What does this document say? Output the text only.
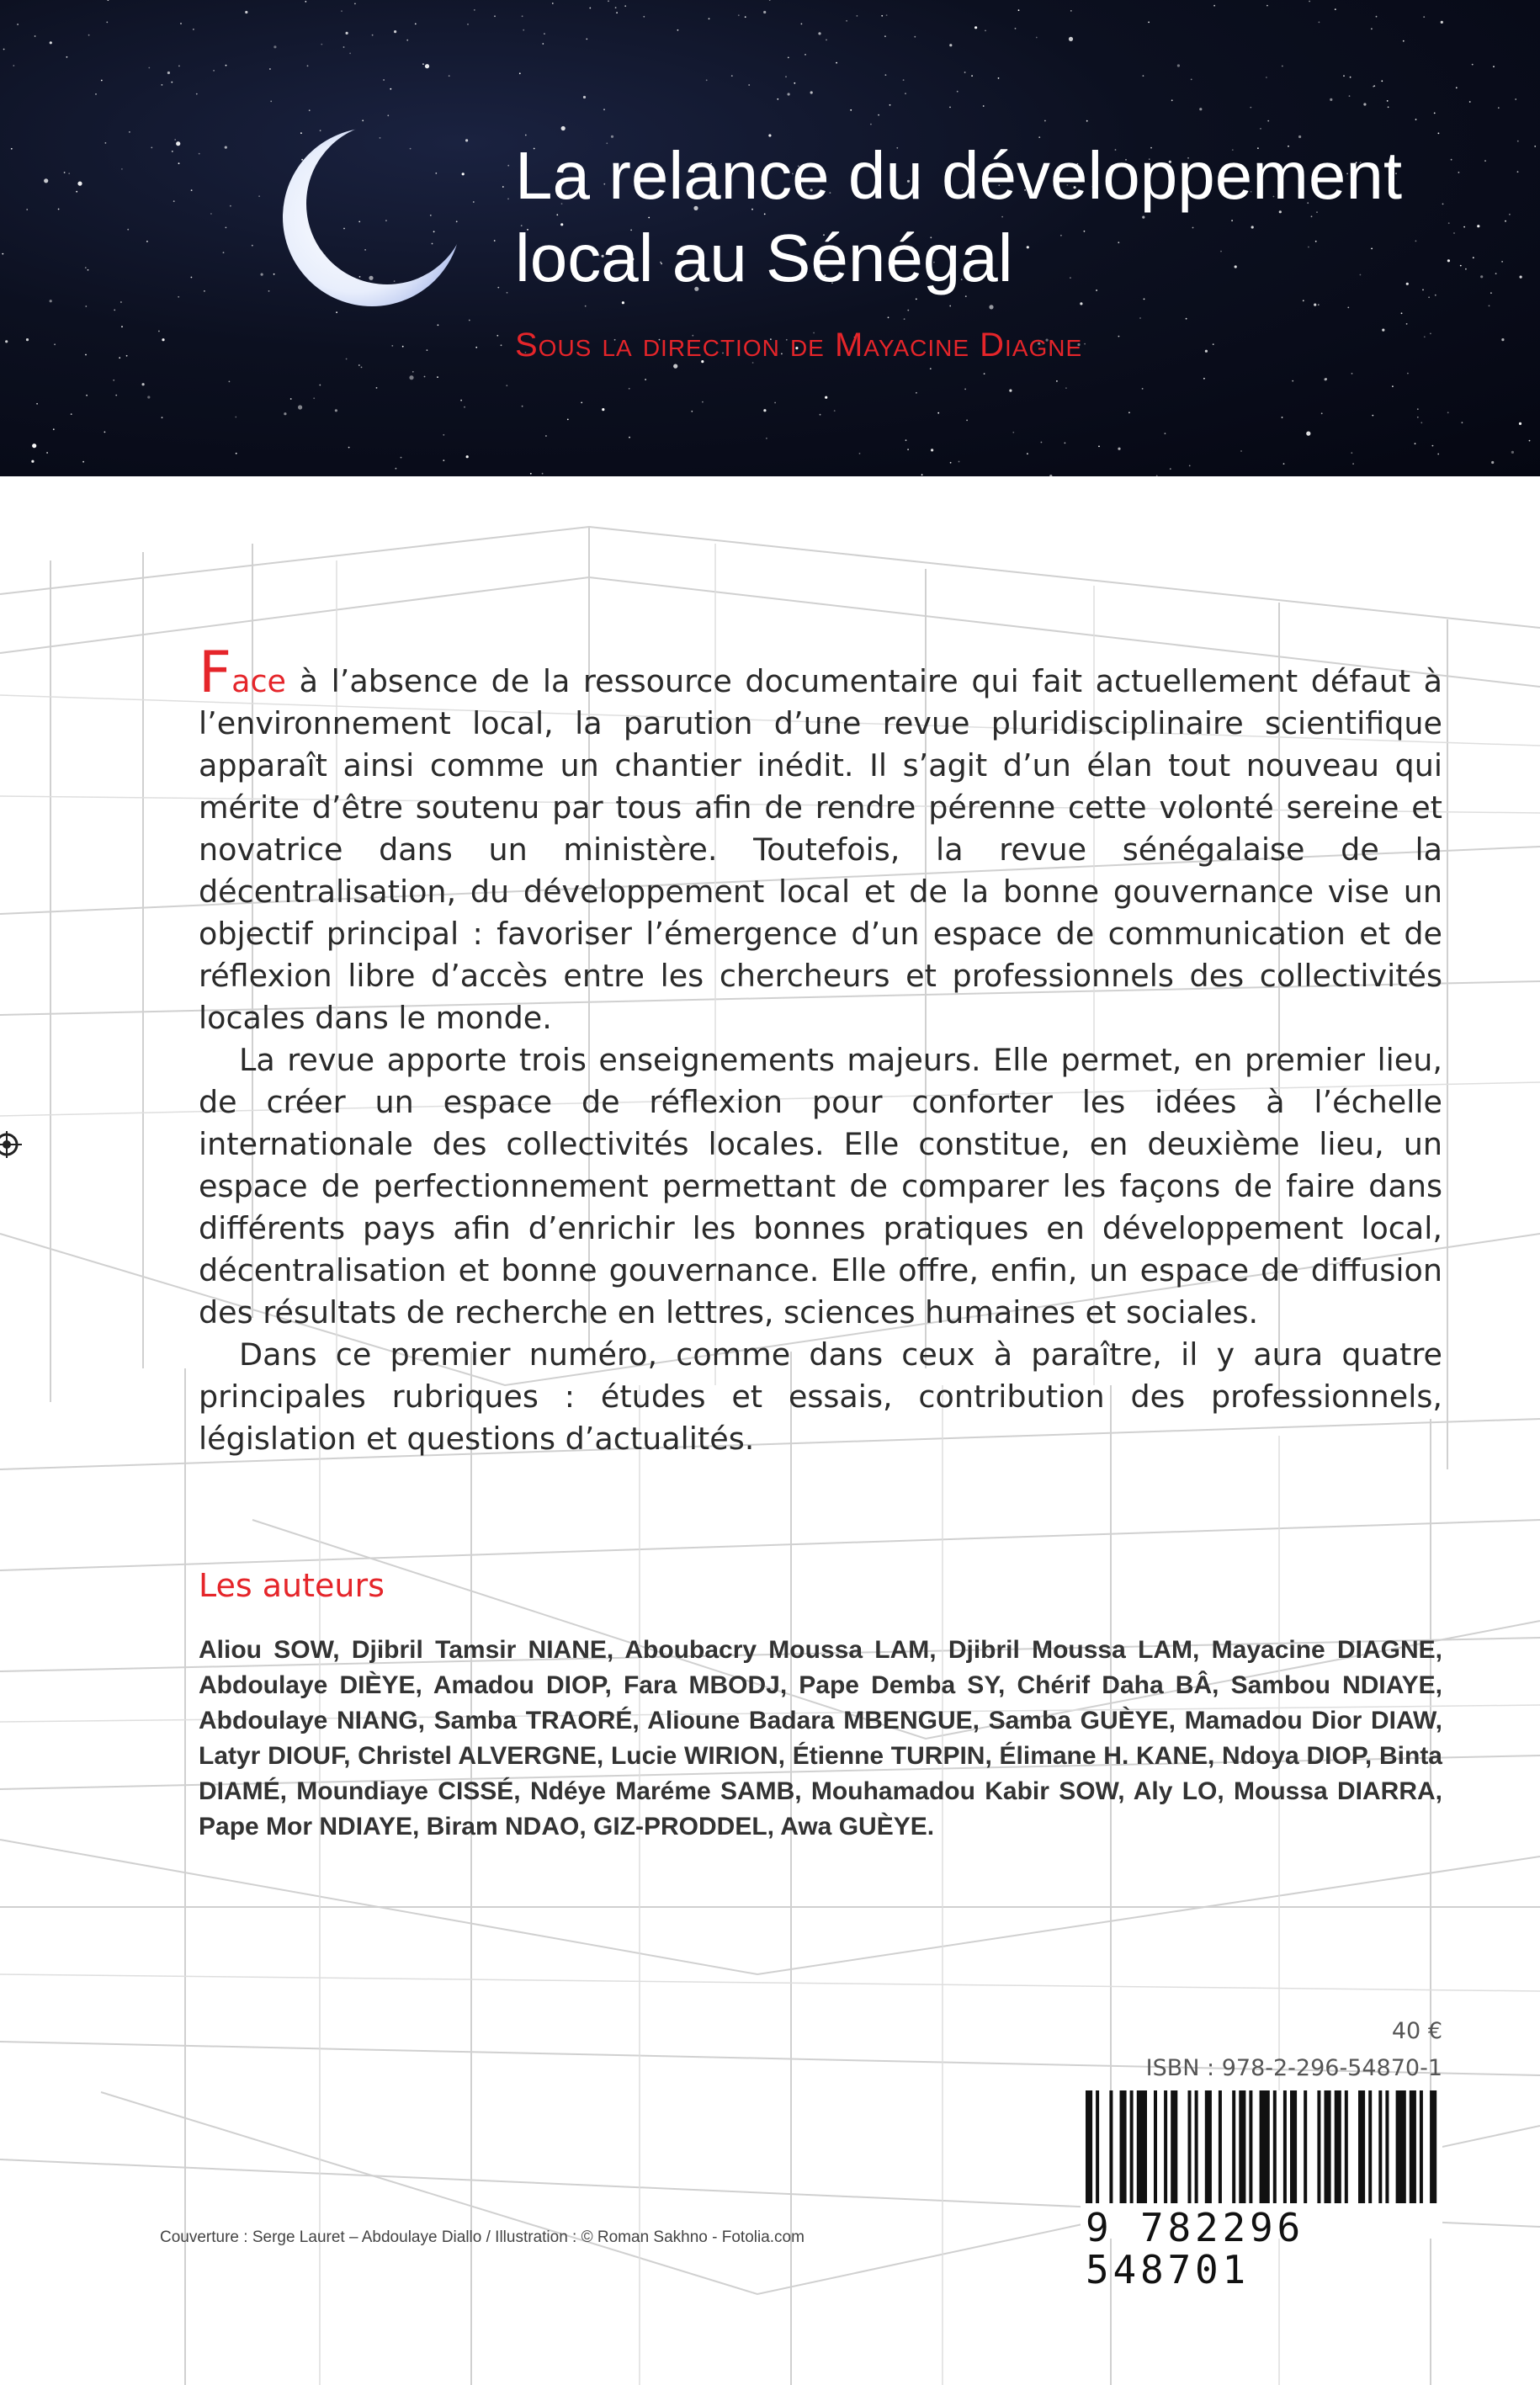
La relance du développement
local au Sénégal
Sous la direction de Mayacine Diagne

Face à l’absence de la ressource documentaire qui fait actuellement défaut à l’environnement local, la parution d’une revue pluridisciplinaire scientifique apparaît ainsi comme un chantier inédit. Il s’agit d’un élan tout nouveau qui mérite d’être soutenu par tous afin de rendre pérenne cette volonté sereine et novatrice dans un ministère. Toutefois, la revue sénégalaise de la décentralisation, du développement local et de la bonne gouvernance vise un objectif principal : favoriser l’émergence d’un espace de communication et de réflexion libre d’accès entre les chercheurs et professionnels des collectivités locales dans le monde.

La revue apporte trois enseignements majeurs. Elle permet, en premier lieu, de créer un espace de réflexion pour conforter les idées à l’échelle internationale des collectivités locales. Elle constitue, en deuxième lieu, un espace de perfectionnement permettant de comparer les façons de faire dans différents pays afin d’enrichir les bonnes pratiques en développement local, décentralisation et bonne gouvernance. Elle offre, enfin, un espace de diffusion des résultats de recherche en lettres, sciences humaines et sociales.

Dans ce premier numéro, comme dans ceux à paraître, il y aura quatre principales rubriques : études et essais, contribution des professionnels, législation et questions d’actualités.

Les auteurs
Aliou SOW, Djibril Tamsir NIANE, Aboubacry Moussa LAM, Djibril Moussa LAM, Mayacine DIAGNE, Abdoulaye DIÈYE, Amadou DIOP, Fara MBODJ, Pape Demba SY, Chérif Daha BÂ, Sambou NDIAYE, Abdoulaye NIANG, Samba TRAORÉ, Alioune Badara MBENGUE, Samba GUÈYE, Mamadou Dior DIAW, Latyr DIOUF, Christel ALVERGNE, Lucie WIRION, Étienne TURPIN, Élimane H. KANE, Ndoya DIOP, Binta DIAMÉ, Moundiaye CISSÉ, Ndéye Maréme SAMB, Mouhamadou Kabir SOW, Aly LO, Moussa DIARRA, Pape Mor NDIAYE, Biram NDAO, GIZ-PRODDEL, Awa GUÈYE.
40 €
ISBN : 978-2-296-54870-1
9 782296 548701
Couverture : Serge Lauret – Abdoulaye Diallo / Illustration : © Roman Sakhno - Fotolia.com
